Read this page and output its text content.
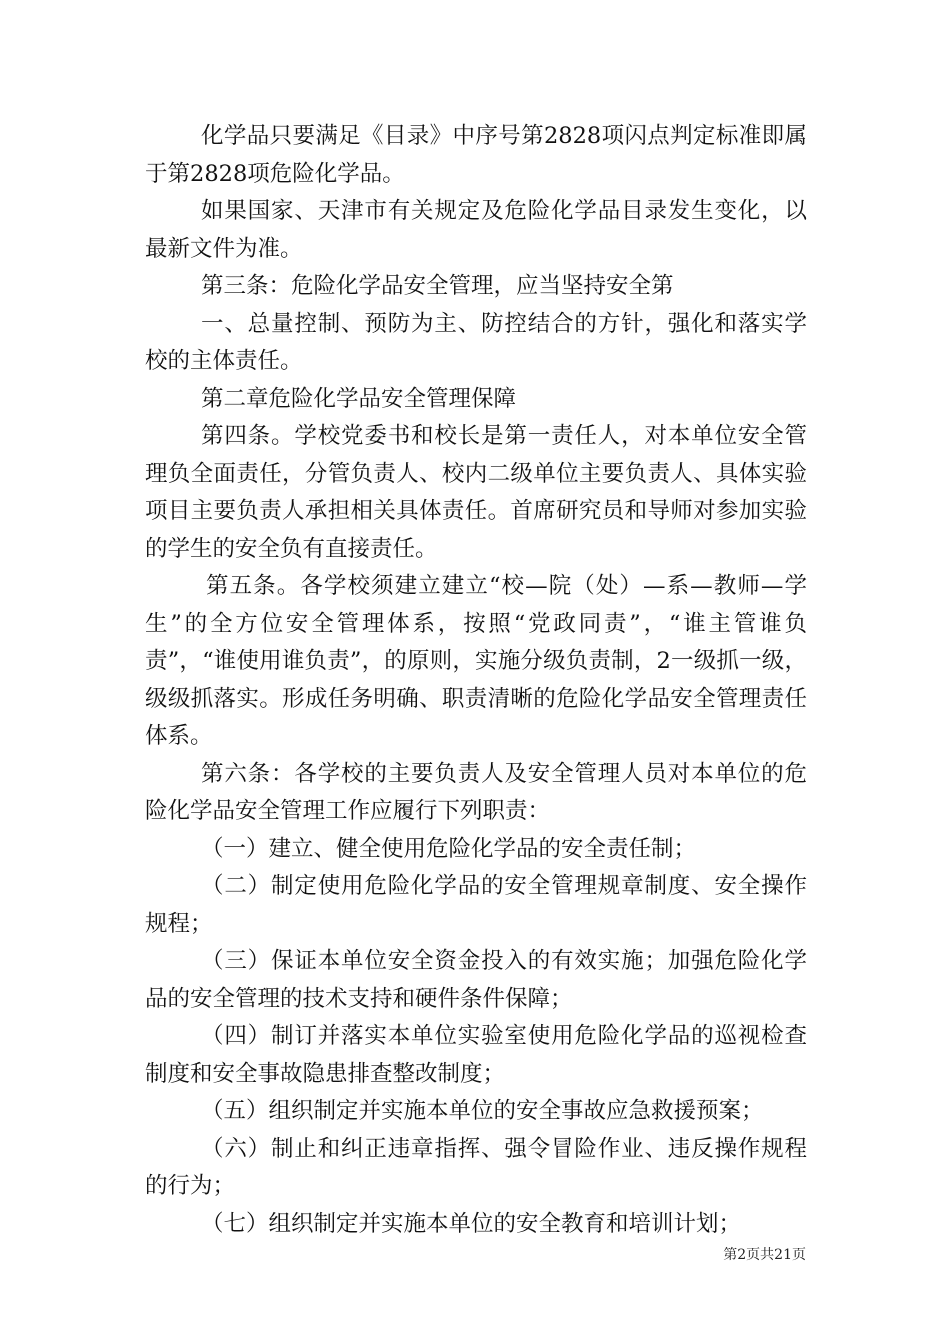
化学品只要满足《目录》中序号第2828项闪点判定标准即属于第2828项危险化学品。

如果国家、天津市有关规定及危险化学品目录发生变化，以最新文件为准。

第三条：危险化学品安全管理，应当坚持安全第

一、总量控制、预防为主、防控结合的方针，强化和落实学校的主体责任。

第二章危险化学品安全管理保障

第四条。学校党委书和校长是第一责任人，对本单位安全管理负全面责任，分管负责人、校内二级单位主要负责人、具体实验项目主要负责人承担相关具体责任。首席研究员和导师对参加实验的学生的安全负有直接责任。

第五条。各学校须建立建立“校—院（处）—系—教师—学生”的全方位安全管理体系，按照“党政同责”，“谁主管谁负责”，“谁使用谁负责”，的原则，实施分级负责制，2一级抓一级，级级抓落实。形成任务明确、职责清晰的危险化学品安全管理责任体系。

第六条：各学校的主要负责人及安全管理人员对本单位的危险化学品安全管理工作应履行下列职责：

（一）建立、健全使用危险化学品的安全责任制；

（二）制定使用危险化学品的安全管理规章制度、安全操作规程；

（三）保证本单位安全资金投入的有效实施；加强危险化学品的安全管理的技术支持和硬件条件保障；

（四）制订并落实本单位实验室使用危险化学品的巡视检查制度和安全事故隐患排查整改制度；

（五）组织制定并实施本单位的安全事故应急救援预案；

（六）制止和纠正违章指挥、强令冒险作业、违反操作规程的行为；

（七）组织制定并实施本单位的安全教育和培训计划；

第2页共21页
